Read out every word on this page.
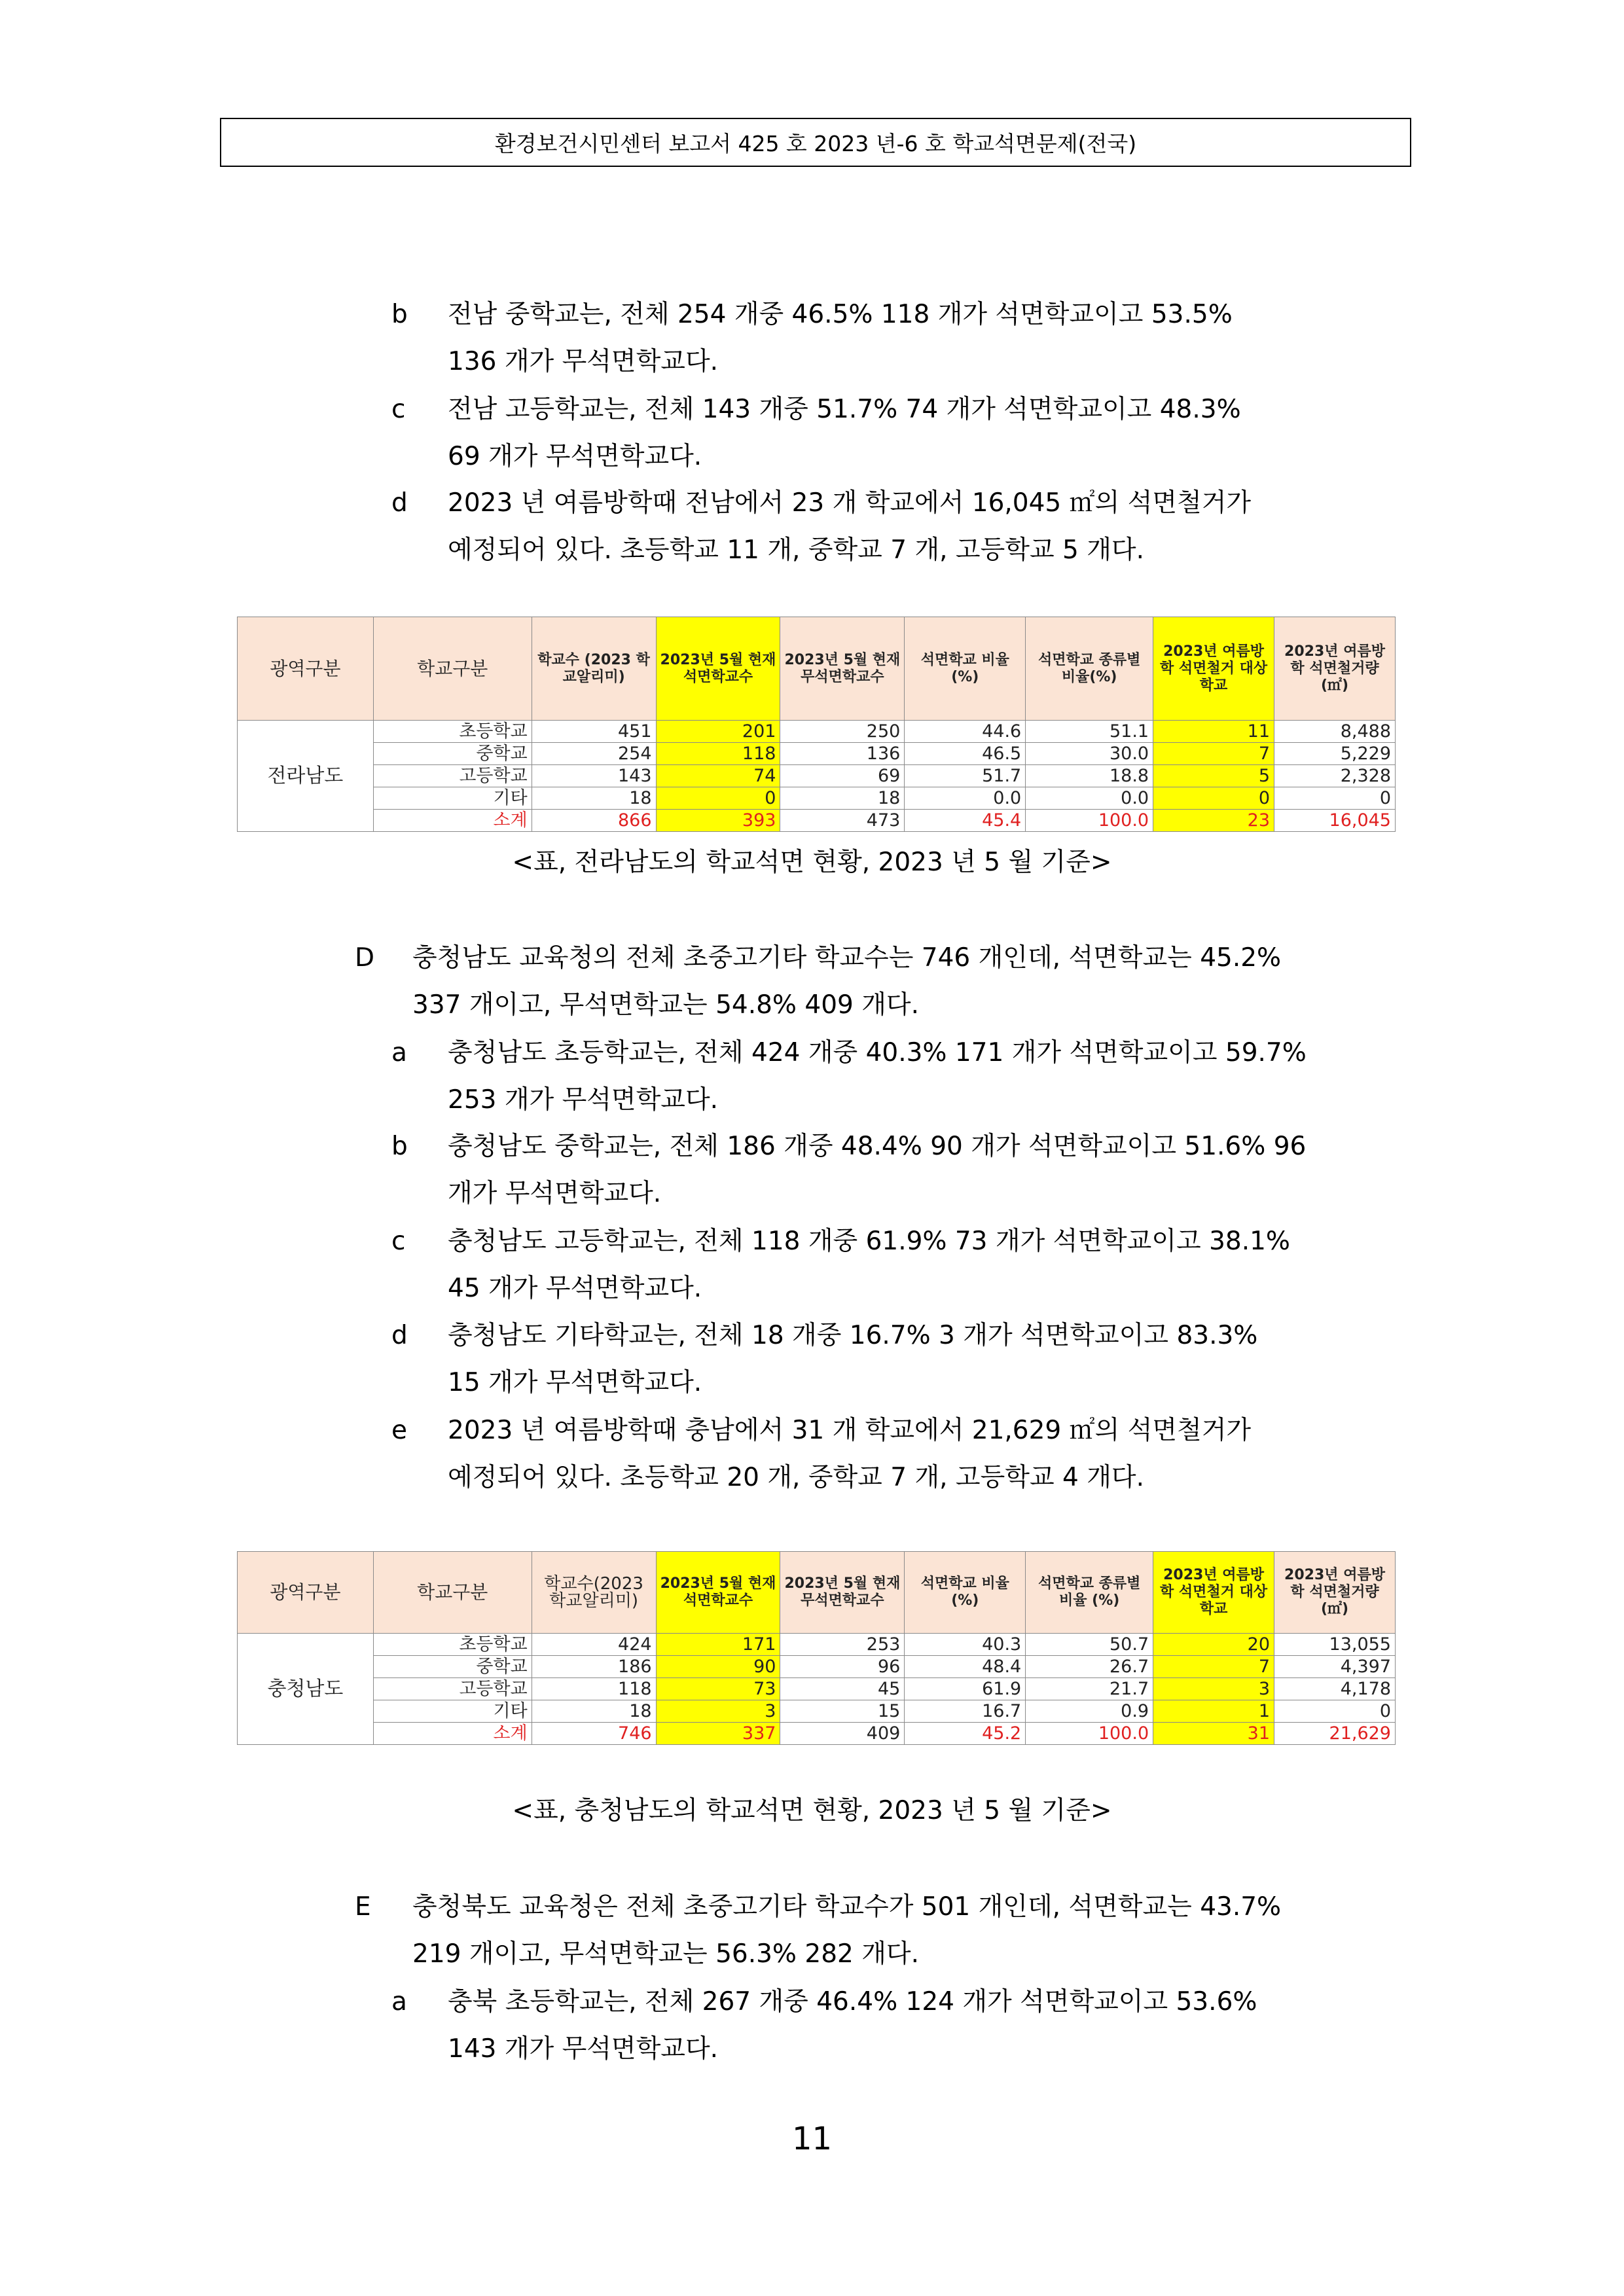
환경보건시민센터 보고서 425 호 2023 년-6 호 학교석면문제(전국)
b 전남 중학교는, 전체 254 개중 46.5% 118 개가 석면학교이고 53.5%
136 개가 무석면학교다.
c 전남 고등학교는, 전체 143 개중 51.7% 74 개가 석면학교이고 48.3%
69 개가 무석면학교다.
d 2023 년 여름방학때 전남에서 23 개 학교에서 16,045 ㎡의 석면철거가
예정되어 있다. 초등학교 11 개, 중학교 7 개, 고등학교 5 개다.
광역구분	학교구분	학교수 (2023 학교알리미)	2023년 5월 현재 석면학교수	2023년 5월 현재 무석면학교수	석면학교 비율(%)	석면학교 종류별 비율(%)	2023년 여름방학 석면철거 대상학교	2023년 여름방학 석면철거량 (㎡)
전라남도	초등학교	451	201	250	44.6	51.1	11	8,488
	중학교	254	118	136	46.5	30.0	7	5,229
	고등학교	143	74	69	51.7	18.8	5	2,328
	기타	18	0	18	0.0	0.0	0	0
	소계	866	393	473	45.4	100.0	23	16,045
<표, 전라남도의 학교석면 현황, 2023 년 5 월 기준>
D 충청남도 교육청의 전체 초중고기타 학교수는 746 개인데, 석면학교는 45.2%
337 개이고, 무석면학교는 54.8% 409 개다.
a 충청남도 초등학교는, 전체 424 개중 40.3% 171 개가 석면학교이고 59.7%
253 개가 무석면학교다.
b 충청남도 중학교는, 전체 186 개중 48.4% 90 개가 석면학교이고 51.6% 96
개가 무석면학교다.
c 충청남도 고등학교는, 전체 118 개중 61.9% 73 개가 석면학교이고 38.1%
45 개가 무석면학교다.
d 충청남도 기타학교는, 전체 18 개중 16.7% 3 개가 석면학교이고 83.3%
15 개가 무석면학교다.
e 2023 년 여름방학때 충남에서 31 개 학교에서 21,629 ㎡의 석면철거가
예정되어 있다. 초등학교 20 개, 중학교 7 개, 고등학교 4 개다.
광역구분	학교구분	학교수(2023 학교알리미)	2023년 5월 현재 석면학교수	2023년 5월 현재 무석면학교수	석면학교 비율(%)	석면학교 종류별 비율 (%)	2023년 여름방학 석면철거 대상학교	2023년 여름방학 석면철거량 (㎡)
충청남도	초등학교	424	171	253	40.3	50.7	20	13,055
	중학교	186	90	96	48.4	26.7	7	4,397
	고등학교	118	73	45	61.9	21.7	3	4,178
	기타	18	3	15	16.7	0.9	1	0
	소계	746	337	409	45.2	100.0	31	21,629
<표, 충청남도의 학교석면 현황, 2023 년 5 월 기준>
E 충청북도 교육청은 전체 초중고기타 학교수가 501 개인데, 석면학교는 43.7%
219 개이고, 무석면학교는 56.3% 282 개다.
a 충북 초등학교는, 전체 267 개중 46.4% 124 개가 석면학교이고 53.6%
143 개가 무석면학교다.
11
